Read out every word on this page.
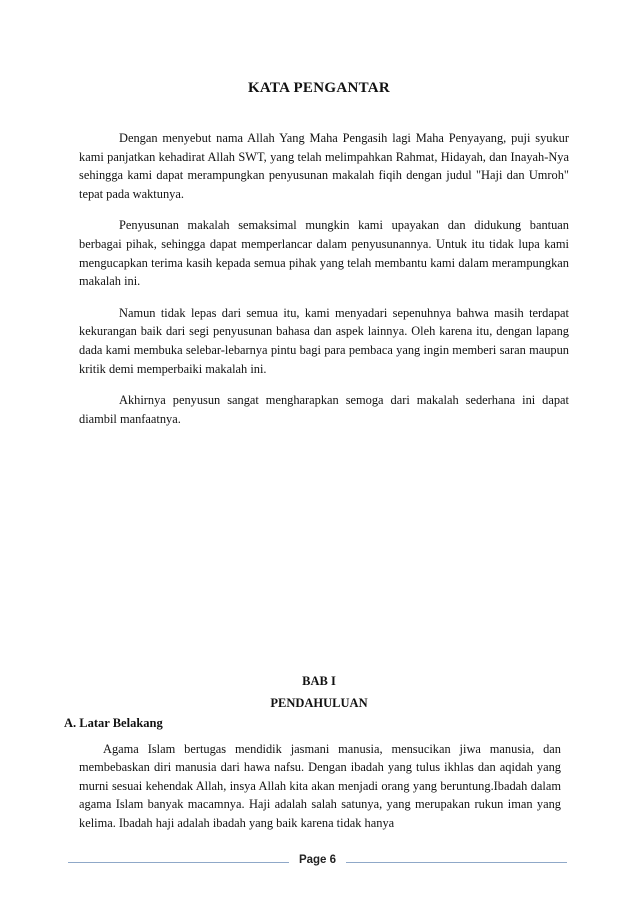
KATA PENGANTAR

Dengan menyebut nama Allah Yang Maha Pengasih lagi Maha Penyayang, puji syukur kami panjatkan kehadirat Allah SWT, yang telah melimpahkan Rahmat, Hidayah, dan Inayah-Nya sehingga kami dapat merampungkan penyusunan makalah fiqih dengan judul "Haji dan Umroh" tepat pada waktunya.

Penyusunan makalah semaksimal mungkin kami upayakan dan didukung bantuan berbagai pihak, sehingga dapat memperlancar dalam penyusunannya. Untuk itu tidak lupa kami mengucapkan terima kasih kepada semua pihak yang telah membantu kami dalam merampungkan makalah ini.

Namun tidak lepas dari semua itu, kami menyadari sepenuhnya bahwa masih terdapat kekurangan baik dari segi penyusunan bahasa dan aspek lainnya. Oleh karena itu, dengan lapang dada kami membuka selebar-lebarnya pintu bagi para pembaca yang ingin memberi saran maupun kritik demi memperbaiki makalah ini.

Akhirnya penyusun sangat mengharapkan semoga dari makalah sederhana ini dapat diambil manfaatnya.

BAB I
PENDAHULUAN
A. Latar Belakang

Agama Islam bertugas mendidik jasmani manusia, mensucikan jiwa manusia, dan membebaskan diri manusia dari hawa nafsu. Dengan ibadah yang tulus ikhlas dan aqidah yang murni sesuai kehendak Allah, insya Allah kita akan menjadi orang yang beruntung.Ibadah dalam agama Islam banyak macamnya. Haji adalah salah satunya, yang merupakan rukun iman yang kelima. Ibadah haji adalah ibadah yang baik karena tidak hanya

Page 6
